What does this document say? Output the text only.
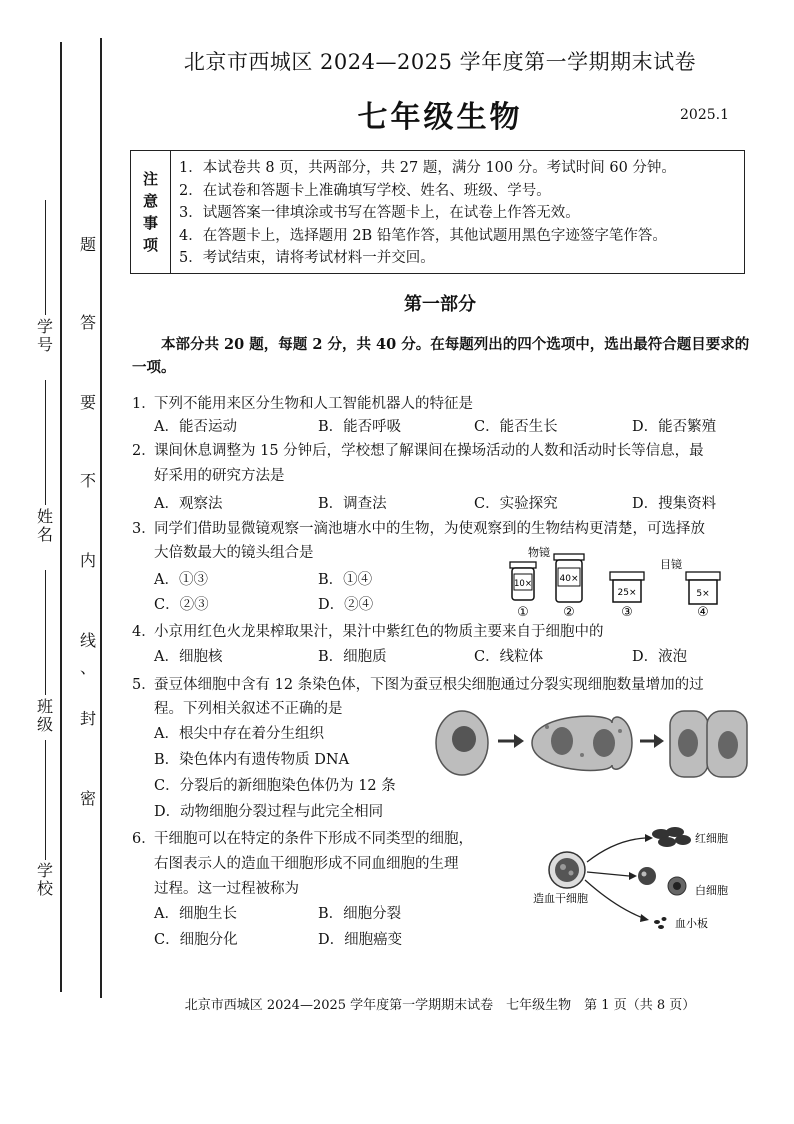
学号
姓名
班级
学校
密
封
、
线
内
不
要
答
题
北京市西城区 2024—2025 学年度第一学期期末试卷
七年级生物	2025.1
注
意
事
项
1．本试卷共 8 页，共两部分，共 27 题，满分 100 分。考试时间 60 分钟。
2．在试卷和答题卡上准确填写学校、姓名、班级、学号。
3．试题答案一律填涂或书写在答题卡上，在试卷上作答无效。
4．在答题卡上，选择题用 2B 铅笔作答，其他试题用黑色字迹签字笔作答。
5．考试结束，请将考试材料一并交回。
第一部分
本部分共 20 题，每题 2 分，共 40 分。在每题列出的四个选项中，选出最符合题目要求的一项。
1．
下列不能用来区分生物和人工智能机器人的特征是
A．能否运动	B．能否呼吸	C．能否生长	D．能否繁殖
2．
课间休息调整为 15 分钟后，学校想了解课间在操场活动的人数和活动时长等信息，最
好采用的研究方法是
A．观察法	B．调查法	C．实验探究	D．搜集资料
3．
同学们借助显微镜观察一滴池塘水中的生物，为使观察到的生物结构更清楚，可选择放
大倍数最大的镜头组合是
A．①③	B．①④
C．②③	D．②④
物镜
目镜
10×	40×
25×	5×
①	②	③	④
4．
小京用红色火龙果榨取果汁，果汁中紫红色的物质主要来自于细胞中的
A．细胞核	B．细胞质	C．线粒体	D．液泡
5．
蚕豆体细胞中含有 12 条染色体，下图为蚕豆根尖细胞通过分裂实现细胞数量增加的过
程。下列相关叙述不正确的是
A．根尖中存在着分生组织
B．染色体内有遗传物质 DNA
C．分裂后的新细胞染色体仍为 12 条
D．动物细胞分裂过程与此完全相同
6．
干细胞可以在特定的条件下形成不同类型的细胞，
右图表示人的造血干细胞形成不同血细胞的生理
过程。这一过程被称为
A．细胞生长	B．细胞分裂
C．细胞分化	D．细胞癌变
造血干细胞
红细胞
白细胞
血小板
北京市西城区 2024—2025 学年度第一学期期末试卷　七年级生物　第 1 页（共 8 页）
